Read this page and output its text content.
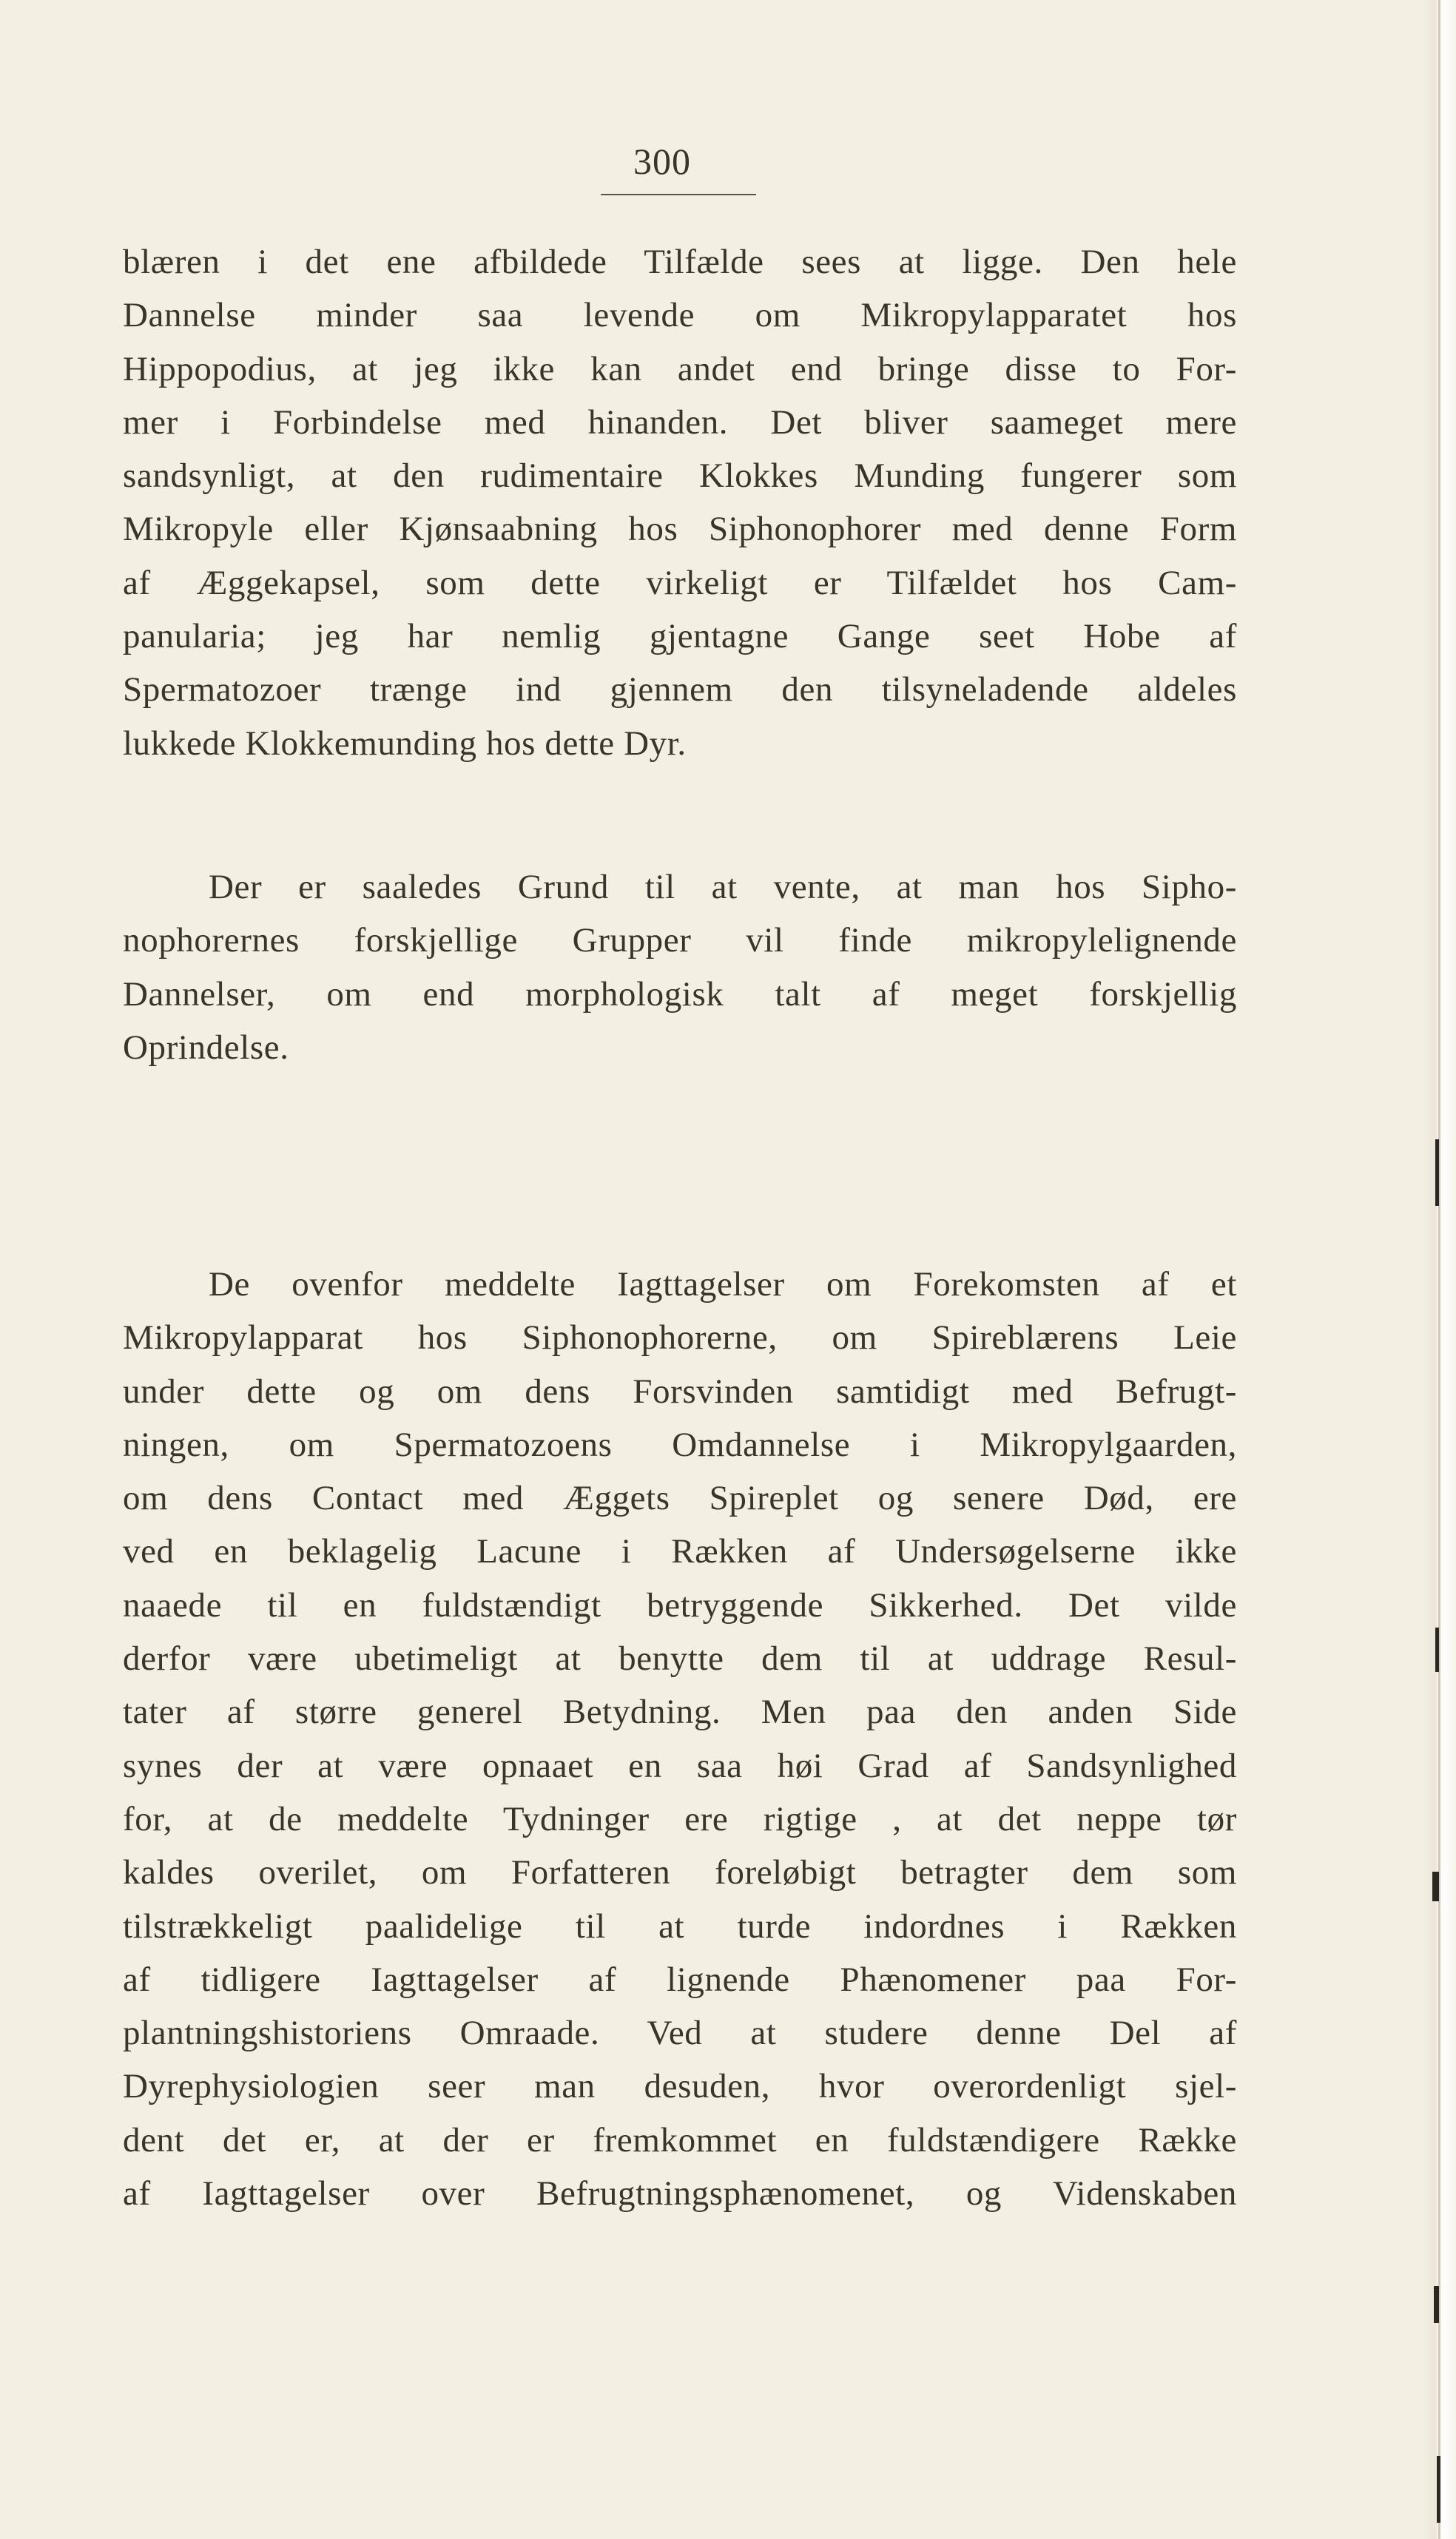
300
blæren i det ene afbildede Tilfælde sees at ligge. Den hele
Dannelse minder saa levende om Mikropylapparatet hos
Hippopodius, at jeg ikke kan andet end bringe disse to For-
mer i Forbindelse med hinanden. Det bliver saameget mere
sandsynligt, at den rudimentaire Klokkes Munding fungerer som
Mikropyle eller Kjønsaabning hos Siphonophorer med denne Form
af Æggekapsel, som dette virkeligt er Tilfældet hos Cam-
panularia; jeg har nemlig gjentagne Gange seet Hobe af
Spermatozoer trænge ind gjennem den tilsyneladende aldeles
lukkede Klokkemunding hos dette Dyr.
Der er saaledes Grund til at vente, at man hos Sipho-
nophorernes forskjellige Grupper vil finde mikropylelignende
Dannelser, om end morphologisk talt af meget forskjellig
Oprindelse.
De ovenfor meddelte Iagttagelser om Forekomsten af et
Mikropylapparat hos Siphonophorerne, om Spireblærens Leie
under dette og om dens Forsvinden samtidigt med Befrugt-
ningen, om Spermatozoens Omdannelse i Mikropylgaarden,
om dens Contact med Æggets Spireplet og senere Død, ere
ved en beklagelig Lacune i Rækken af Undersøgelserne ikke
naaede til en fuldstændigt betryggende Sikkerhed. Det vilde
derfor være ubetimeligt at benytte dem til at uddrage Resul-
tater af større generel Betydning. Men paa den anden Side
synes der at være opnaaet en saa høi Grad af Sandsynlighed
for, at de meddelte Tydninger ere rigtige , at det neppe tør
kaldes overilet, om Forfatteren foreløbigt betragter dem som
tilstrækkeligt paalidelige til at turde indordnes i Rækken
af tidligere Iagttagelser af lignende Phænomener paa For-
plantningshistoriens Omraade. Ved at studere denne Del af
Dyrephysiologien seer man desuden, hvor overordenligt sjel-
dent det er, at der er fremkommet en fuldstændigere Række
af Iagttagelser over Befrugtningsphænomenet, og Videnskaben
